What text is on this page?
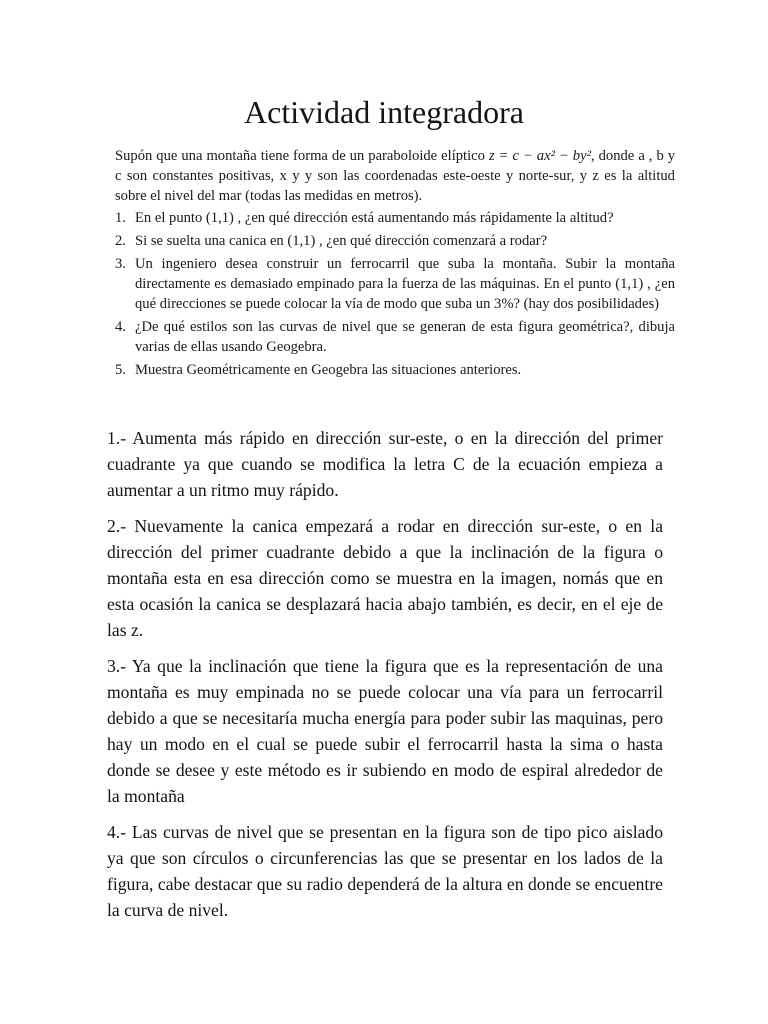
Actividad integradora

Supón que una montaña tiene forma de un paraboloide elíptico z = c − ax² − by², donde a , b y c son constantes positivas, x y y son las coordenadas este-oeste y norte-sur, y z es la altitud sobre el nivel del mar (todas las medidas en metros).

1. En el punto (1,1) , ¿en qué dirección está aumentando más rápidamente la altitud?
2. Si se suelta una canica en (1,1) , ¿en qué dirección comenzará a rodar?
3. Un ingeniero desea construir un ferrocarril que suba la montaña. Subir la montaña directamente es demasiado empinado para la fuerza de las máquinas. En el punto (1,1) , ¿en qué direcciones se puede colocar la vía de modo que suba un 3%? (hay dos posibilidades)
4. ¿De qué estilos son las curvas de nivel que se generan de esta figura geométrica?, dibuja varias de ellas usando Geogebra.
5. Muestra Geométricamente en Geogebra las situaciones anteriores.

1.- Aumenta más rápido en dirección sur-este, o en la dirección del primer cuadrante ya que cuando se modifica la letra C de la ecuación empieza a aumentar a un ritmo muy rápido.

2.- Nuevamente la canica empezará a rodar en dirección sur-este, o en la dirección del primer cuadrante debido a que la inclinación de la figura o montaña esta en esa dirección como se muestra en la imagen, nomás que en esta ocasión la canica se desplazará hacia abajo también, es decir, en el eje de las z.

3.- Ya que la inclinación que tiene la figura que es la representación de una montaña es muy empinada no se puede colocar una vía para un ferrocarril debido a que se necesitaría mucha energía para poder subir las maquinas, pero hay un modo en el cual se puede subir el ferrocarril hasta la sima o hasta donde se desee y este método es ir subiendo en modo de espiral alrededor de la montaña

4.- Las curvas de nivel que se presentan en la figura son de tipo pico aislado ya que son círculos o circunferencias las que se presentar en los lados de la figura, cabe destacar que su radio dependerá de la altura en donde se encuentre la curva de nivel.
